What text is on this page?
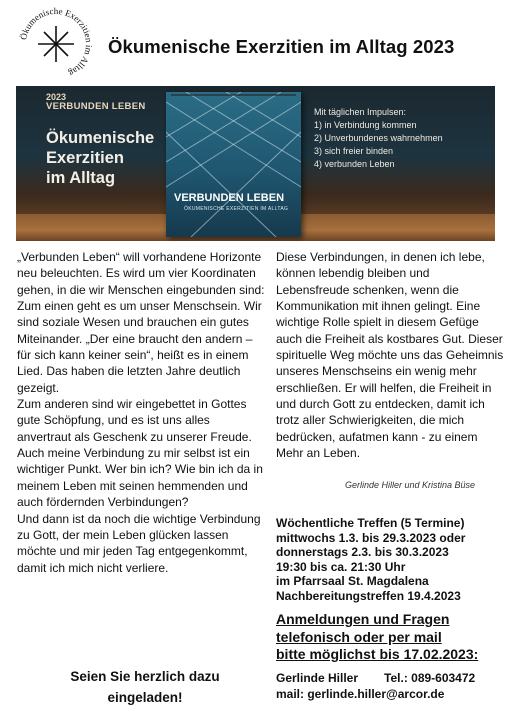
Ökumenische Exerzitien im Alltag
Ökumenische Exerzitien im Alltag 2023
2023
VERBUNDEN LEBEN
Ökumenische
Exerzitien
im Alltag
VERBUNDEN LEBEN
ÖKUMENISCHE EXERZITIEN IM ALLTAG
Mit täglichen Impulsen:
1) in Verbindung kommen
2) Unverbundenes wahrnehmen
3) sich freier binden
4) verbunden Leben

„Verbunden Leben“ will vorhandene Horizonte neu beleuchten. Es wird um vier Koordinaten gehen, in die wir Menschen eingebunden sind:

Zum einen geht es um unser Menschsein. Wir sind soziale Wesen und brauchen ein gutes Miteinander. „Der eine braucht den andern – für sich kann keiner sein“, heißt es in einem Lied. Das haben die letzten Jahre deutlich gezeigt.

Zum anderen sind wir eingebettet in Gottes gute Schöpfung, und es ist uns alles anvertraut als Geschenk zu unserer Freude.

Auch meine Verbindung zu mir selbst ist ein wichtiger Punkt. Wer bin ich? Wie bin ich da in meinem Leben mit seinen hemmenden und auch fördernden Verbindungen?

Und dann ist da noch die wichtige Verbindung zu Gott, der mein Leben glücken lassen möchte und mir jeden Tag entgegenkommt, damit ich mich nicht verliere.

Seien Sie herzlich dazu
eingeladen!

Diese Verbindungen, in denen ich lebe, können lebendig bleiben und Lebensfreude schenken, wenn die Kommunikation mit ihnen gelingt. Eine wichtige Rolle spielt in diesem Gefüge auch die Freiheit als kostbares Gut. Dieser spirituelle Weg möchte uns das Geheimnis unseres Menschseins ein wenig mehr erschließen. Er will helfen, die Freiheit in und durch Gott zu entdecken, damit ich trotz aller Schwierigkeiten, die mich bedrücken, aufatmen kann - zu einem Mehr an Leben.

Gerlinde Hiller und Kristina Büse
Wöchentliche Treffen (5 Termine)
mittwochs 1.3. bis 29.3.2023 oder
donnerstags 2.3. bis 30.3.2023
19:30 bis ca. 21:30 Uhr
im Pfarrsaal St. Magdalena
Nachbereitungstreffen 19.4.2023
Anmeldungen und Fragen
telefonisch oder per mail
bitte möglichst bis 17.02.2023:
Gerlinde Hiller Tel.: 089-603472
mail: gerlinde.hiller@arcor.de
